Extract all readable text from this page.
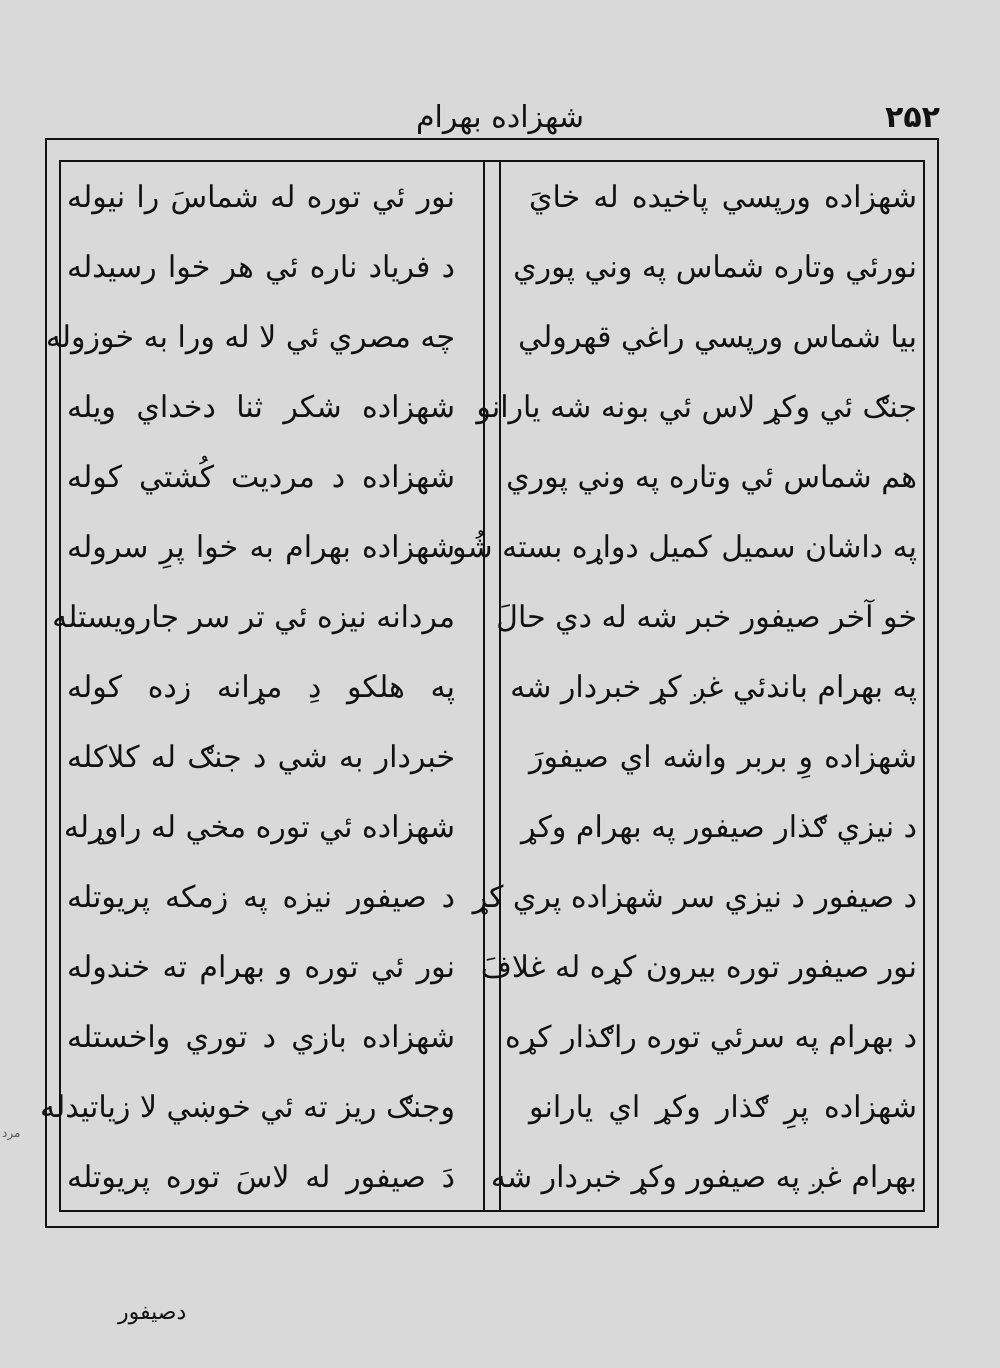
۲۵۲
شهزاده بهرام
مرد
شهزاده ورپسي پاخيده له خايَ
نورئي وتاره شماس په وني پوري
بيا شماس ورپسي راغي قهرولي
جنګ ئي وکړ لاس ئي بونه شه يارانو
هم شماس ئي وتاره په وني پوري
په داشان سميل کميل دواړه بسته شُو
خو آخر صيفور خبر شه له دي حالَ
په بهرام باندئي غږ کړ خبردار شه
شهزاده وِ بربر واشه اي صيفورَ
د نيزي ګذار صيفور په بهرام وکړ
د صيفور د نيزي سر شهزاده پري کړ
نور صيفور توره بيرون کړه له غلافَ
د بهرام په سرئي توره راګذار کړه
شهزاده پرِ ګذار وکړ اي يارانو
بهرام غږ په صيفور وکړ خبردار شه
نور ئي توره له شماسَ را نيوله
د فرياد ناره ئي هر خوا رسيدله
چه مصري ئي لا له ورا به خوزوله
شهزاده شکر ثنا دخداي ويله
شهزاده د مرديت کُشتي کوله
شهزاده بهرام به خوا پرِ سروله
مردانه نيزه ئي تر سر جارويستله
په هلکو دِ مړانه زده کوله
خبردار به شي د جنګ له کلاکله
شهزاده ئي توره مخي له راوړله
د صيفور نيزه په زمکه پريوتله
نور ئي توره و بهرام ته خندوله
شهزاده بازي د توري واخستله
وجنګ ريز ته ئي خوښي لا زياتيدله
دَ صيفور له لاسَ توره پريوتله
دصيفور
